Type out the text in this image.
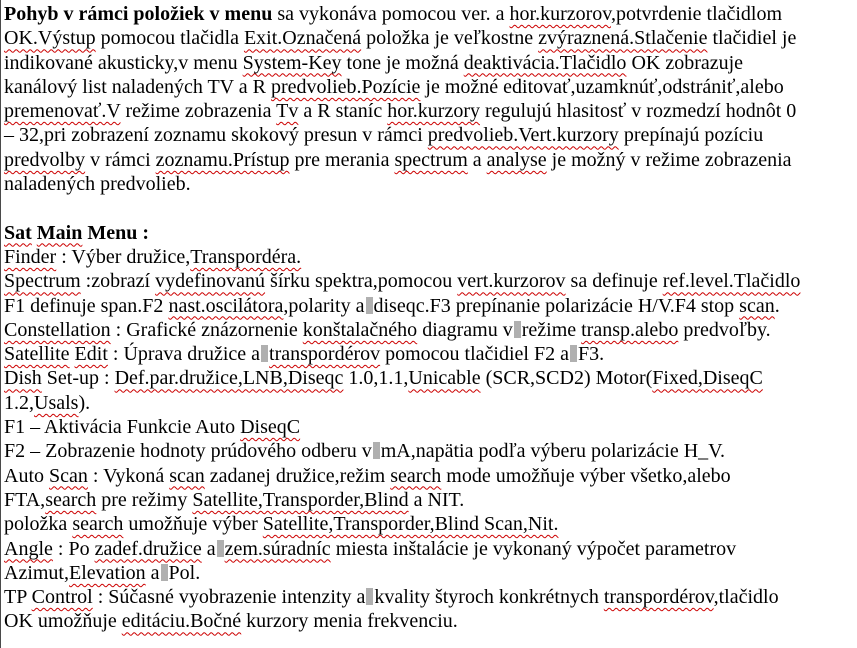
Pohyb v rámci položiek v menu sa vykonáva pomocou ver. a hor.kurzorov,potvrdenie tlačidlom
OK.Výstup pomocou tlačidla Exit.Označená položka je veľkostne zvýraznená.Stlačenie tlačidiel je
indikované akusticky,v menu System-Key tone je možná deaktivácia.Tlačidlo OK zobrazuje
kanálový list naladených TV a R predvolieb.Pozície je možné editovať,uzamknúť,odstrániť,alebo
premenovať.V režime zobrazenia Tv a R staníc hor.kurzory regulujú hlasitosť v rozmedzí hodnôt 0
– 32,pri zobrazení zoznamu skokový presun v rámci predvolieb.Vert.kurzory prepínajú pozíciu
predvolby v rámci zoznamu.Prístup pre merania spectrum a analyse je možný v režime zobrazenia
naladených predvolieb.

Sat Main Menu :
Finder : Výber družice,Transpordéra.
Spectrum :zobrazí vydefinovanú šírku spektra,pomocou vert.kurzorov sa definuje ref.level.Tlačidlo
F1 definuje span.F2 nast.oscilátora,polarity a diseqc.F3 prepínanie polarizácie H/V.F4 stop scan.
Constellation : Grafické znázornenie konštalačného diagramu v režime transp.alebo predvoľby.
Satellite Edit : Úprava družice a transpordérov pomocou tlačidiel F2 a F3.
Dish Set-up : Def.par.družice,LNB,Diseqc 1.0,1.1,Unicable (SCR,SCD2) Motor(Fixed,DiseqC
1.2,Usals).
F1 – Aktivácia Funkcie Auto DiseqC
F2 – Zobrazenie hodnoty prúdového odberu v mA,napätia podľa výberu polarizácie H_V.
Auto Scan : Vykoná scan zadanej družice,režim search mode umožňuje výber všetko,alebo
FTA,search pre režimy Satellite,Transporder,Blind a NIT.
položka search umožňuje výber Satellite,Transporder,Blind Scan,Nit.
Angle : Po zadef.družice a zem.súradníc miesta inštalácie je vykonaný výpočet parametrov
Azimut,Elevation a Pol.
TP Control : Súčasné vyobrazenie intenzity a kvality štyroch konkrétnych transpordérov,tlačidlo
OK umožňuje editáciu.Bočné kurzory menia frekvenciu.
